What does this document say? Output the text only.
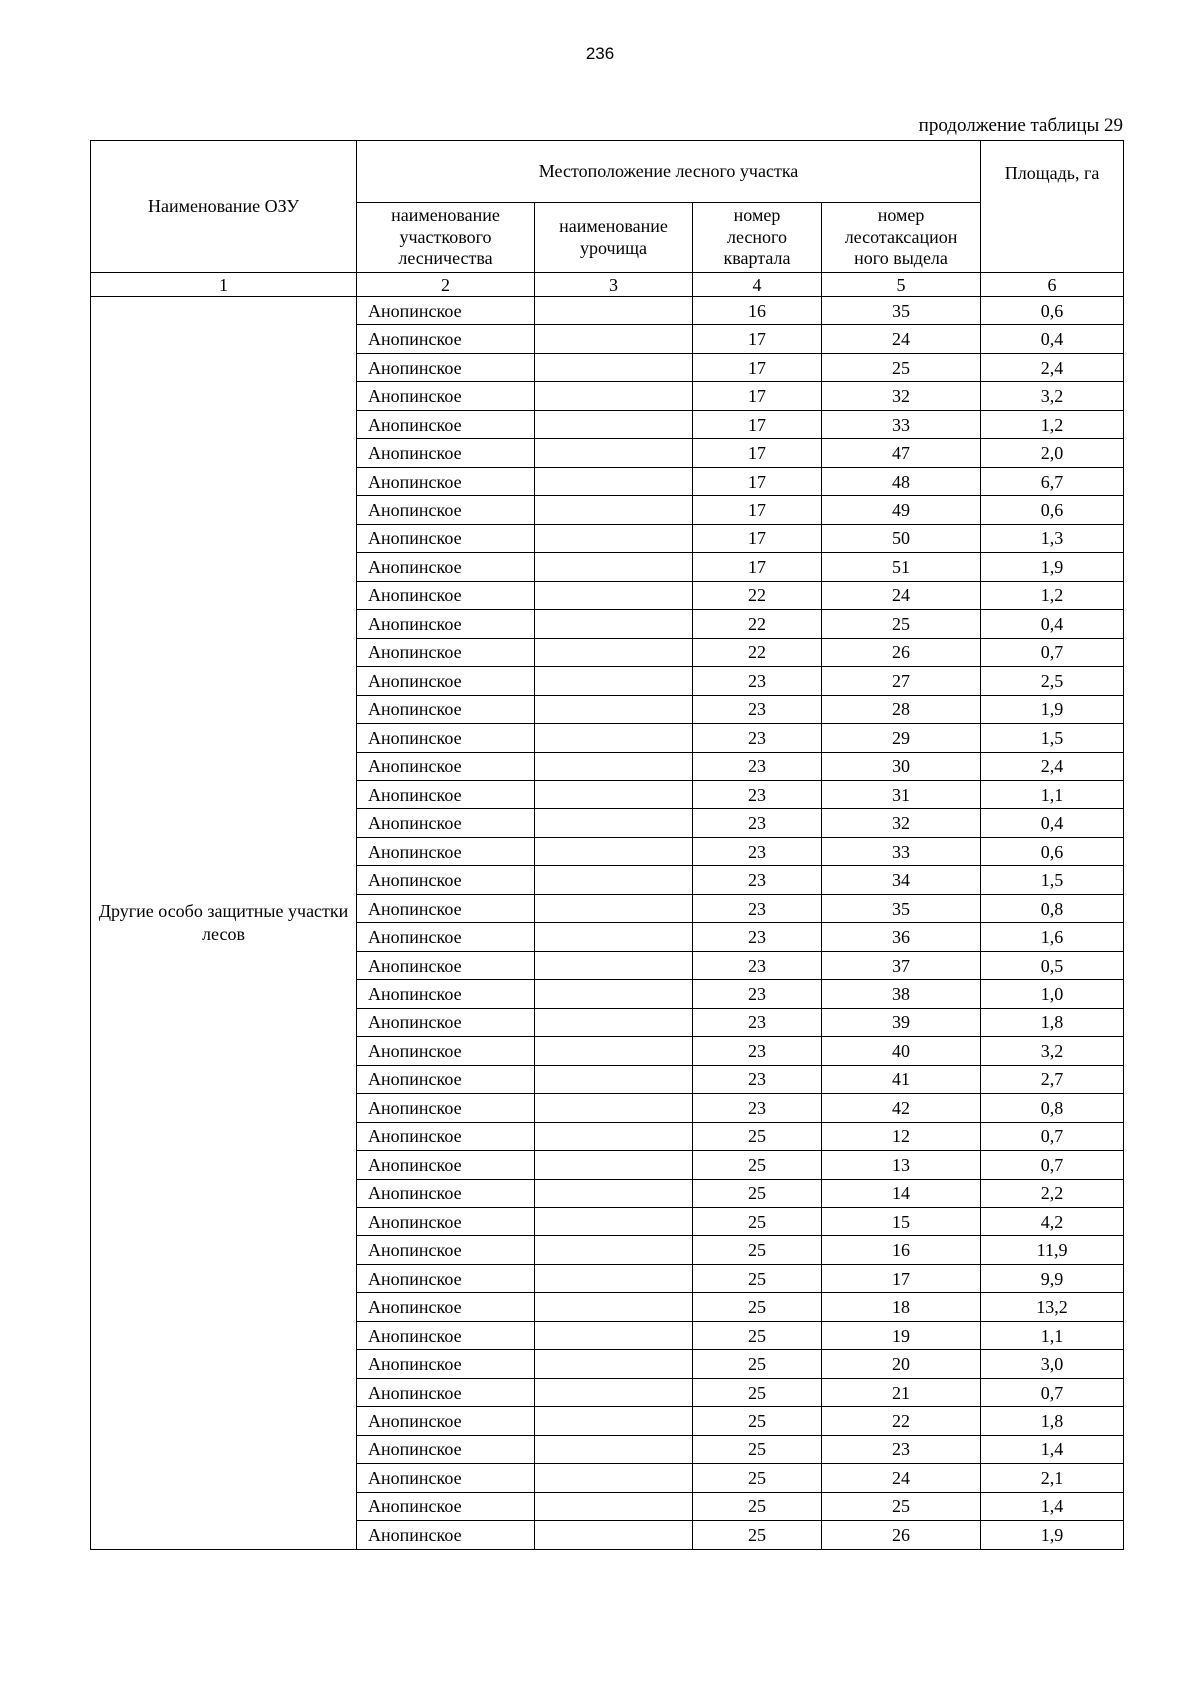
236
продолжение таблицы 29
Наименование ОЗУ	Местоположение лесного участка				Площадь, га

	наименование
участкового
лесничества	наименование
урочища	номер
лесного
квартала	номер
лесотаксацион
ного выдела	

1	2	3	4	5	6
Другие особо защитные участки лесов	Анопинское		16	35	0,6
	Анопинское		17	24	0,4
	Анопинское		17	25	2,4
	Анопинское		17	32	3,2
	Анопинское		17	33	1,2
	Анопинское		17	47	2,0
	Анопинское		17	48	6,7
	Анопинское		17	49	0,6
	Анопинское		17	50	1,3
	Анопинское		17	51	1,9
	Анопинское		22	24	1,2
	Анопинское		22	25	0,4
	Анопинское		22	26	0,7
	Анопинское		23	27	2,5
	Анопинское		23	28	1,9
	Анопинское		23	29	1,5
	Анопинское		23	30	2,4
	Анопинское		23	31	1,1
	Анопинское		23	32	0,4
	Анопинское		23	33	0,6
	Анопинское		23	34	1,5
	Анопинское		23	35	0,8
	Анопинское		23	36	1,6
	Анопинское		23	37	0,5
	Анопинское		23	38	1,0
	Анопинское		23	39	1,8
	Анопинское		23	40	3,2
	Анопинское		23	41	2,7
	Анопинское		23	42	0,8
	Анопинское		25	12	0,7
	Анопинское		25	13	0,7
	Анопинское		25	14	2,2
	Анопинское		25	15	4,2
	Анопинское		25	16	11,9
	Анопинское		25	17	9,9
	Анопинское		25	18	13,2
	Анопинское		25	19	1,1
	Анопинское		25	20	3,0
	Анопинское		25	21	0,7
	Анопинское		25	22	1,8
	Анопинское		25	23	1,4
	Анопинское		25	24	2,1
	Анопинское		25	25	1,4
	Анопинское		25	26	1,9
